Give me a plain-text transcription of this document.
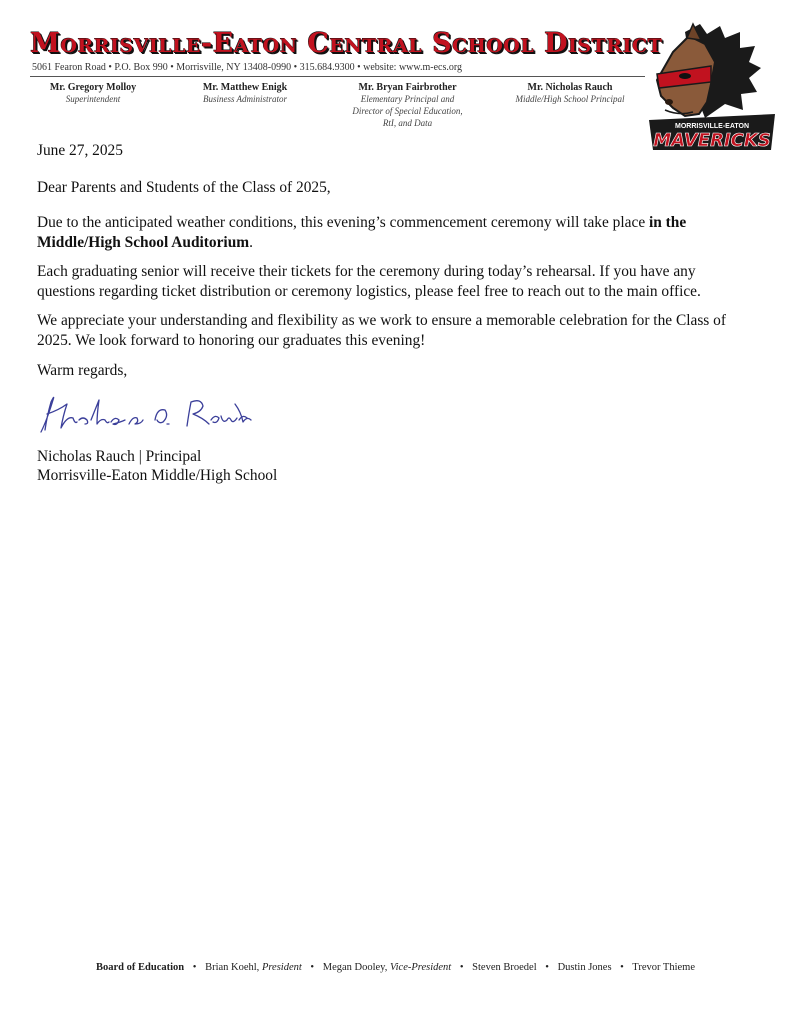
Morrisville-Eaton Central School District
5061 Fearon Road • P.O. Box 990 • Morrisville, NY 13408-0990 • 315.684.9300 • website: www.m-ecs.org
Mr. Gregory Molloy
Superintendent
Mr. Matthew Enigk
Business Administrator
Mr. Bryan Fairbrother
Elementary Principal and Director of Special Education, RtI, and Data
Mr. Nicholas Rauch
Middle/High School Principal
MORRISVILLE-EATON
MAVERICKS
June 27, 2025
Dear Parents and Students of the Class of 2025,
Due to the anticipated weather conditions, this evening’s commencement ceremony will take place in the Middle/High School Auditorium.
Each graduating senior will receive their tickets for the ceremony during today’s rehearsal. If you have any questions regarding ticket distribution or ceremony logistics, please feel free to reach out to the main office.
We appreciate your understanding and flexibility as we work to ensure a memorable celebration for the Class of 2025. We look forward to honoring our graduates this evening!
Warm regards,
Nicholas Rauch | Principal
Morrisville-Eaton Middle/High School
Board of Education • Brian Koehl, President • Megan Dooley, Vice-President • Steven Broedel • Dustin Jones • Trevor Thieme
